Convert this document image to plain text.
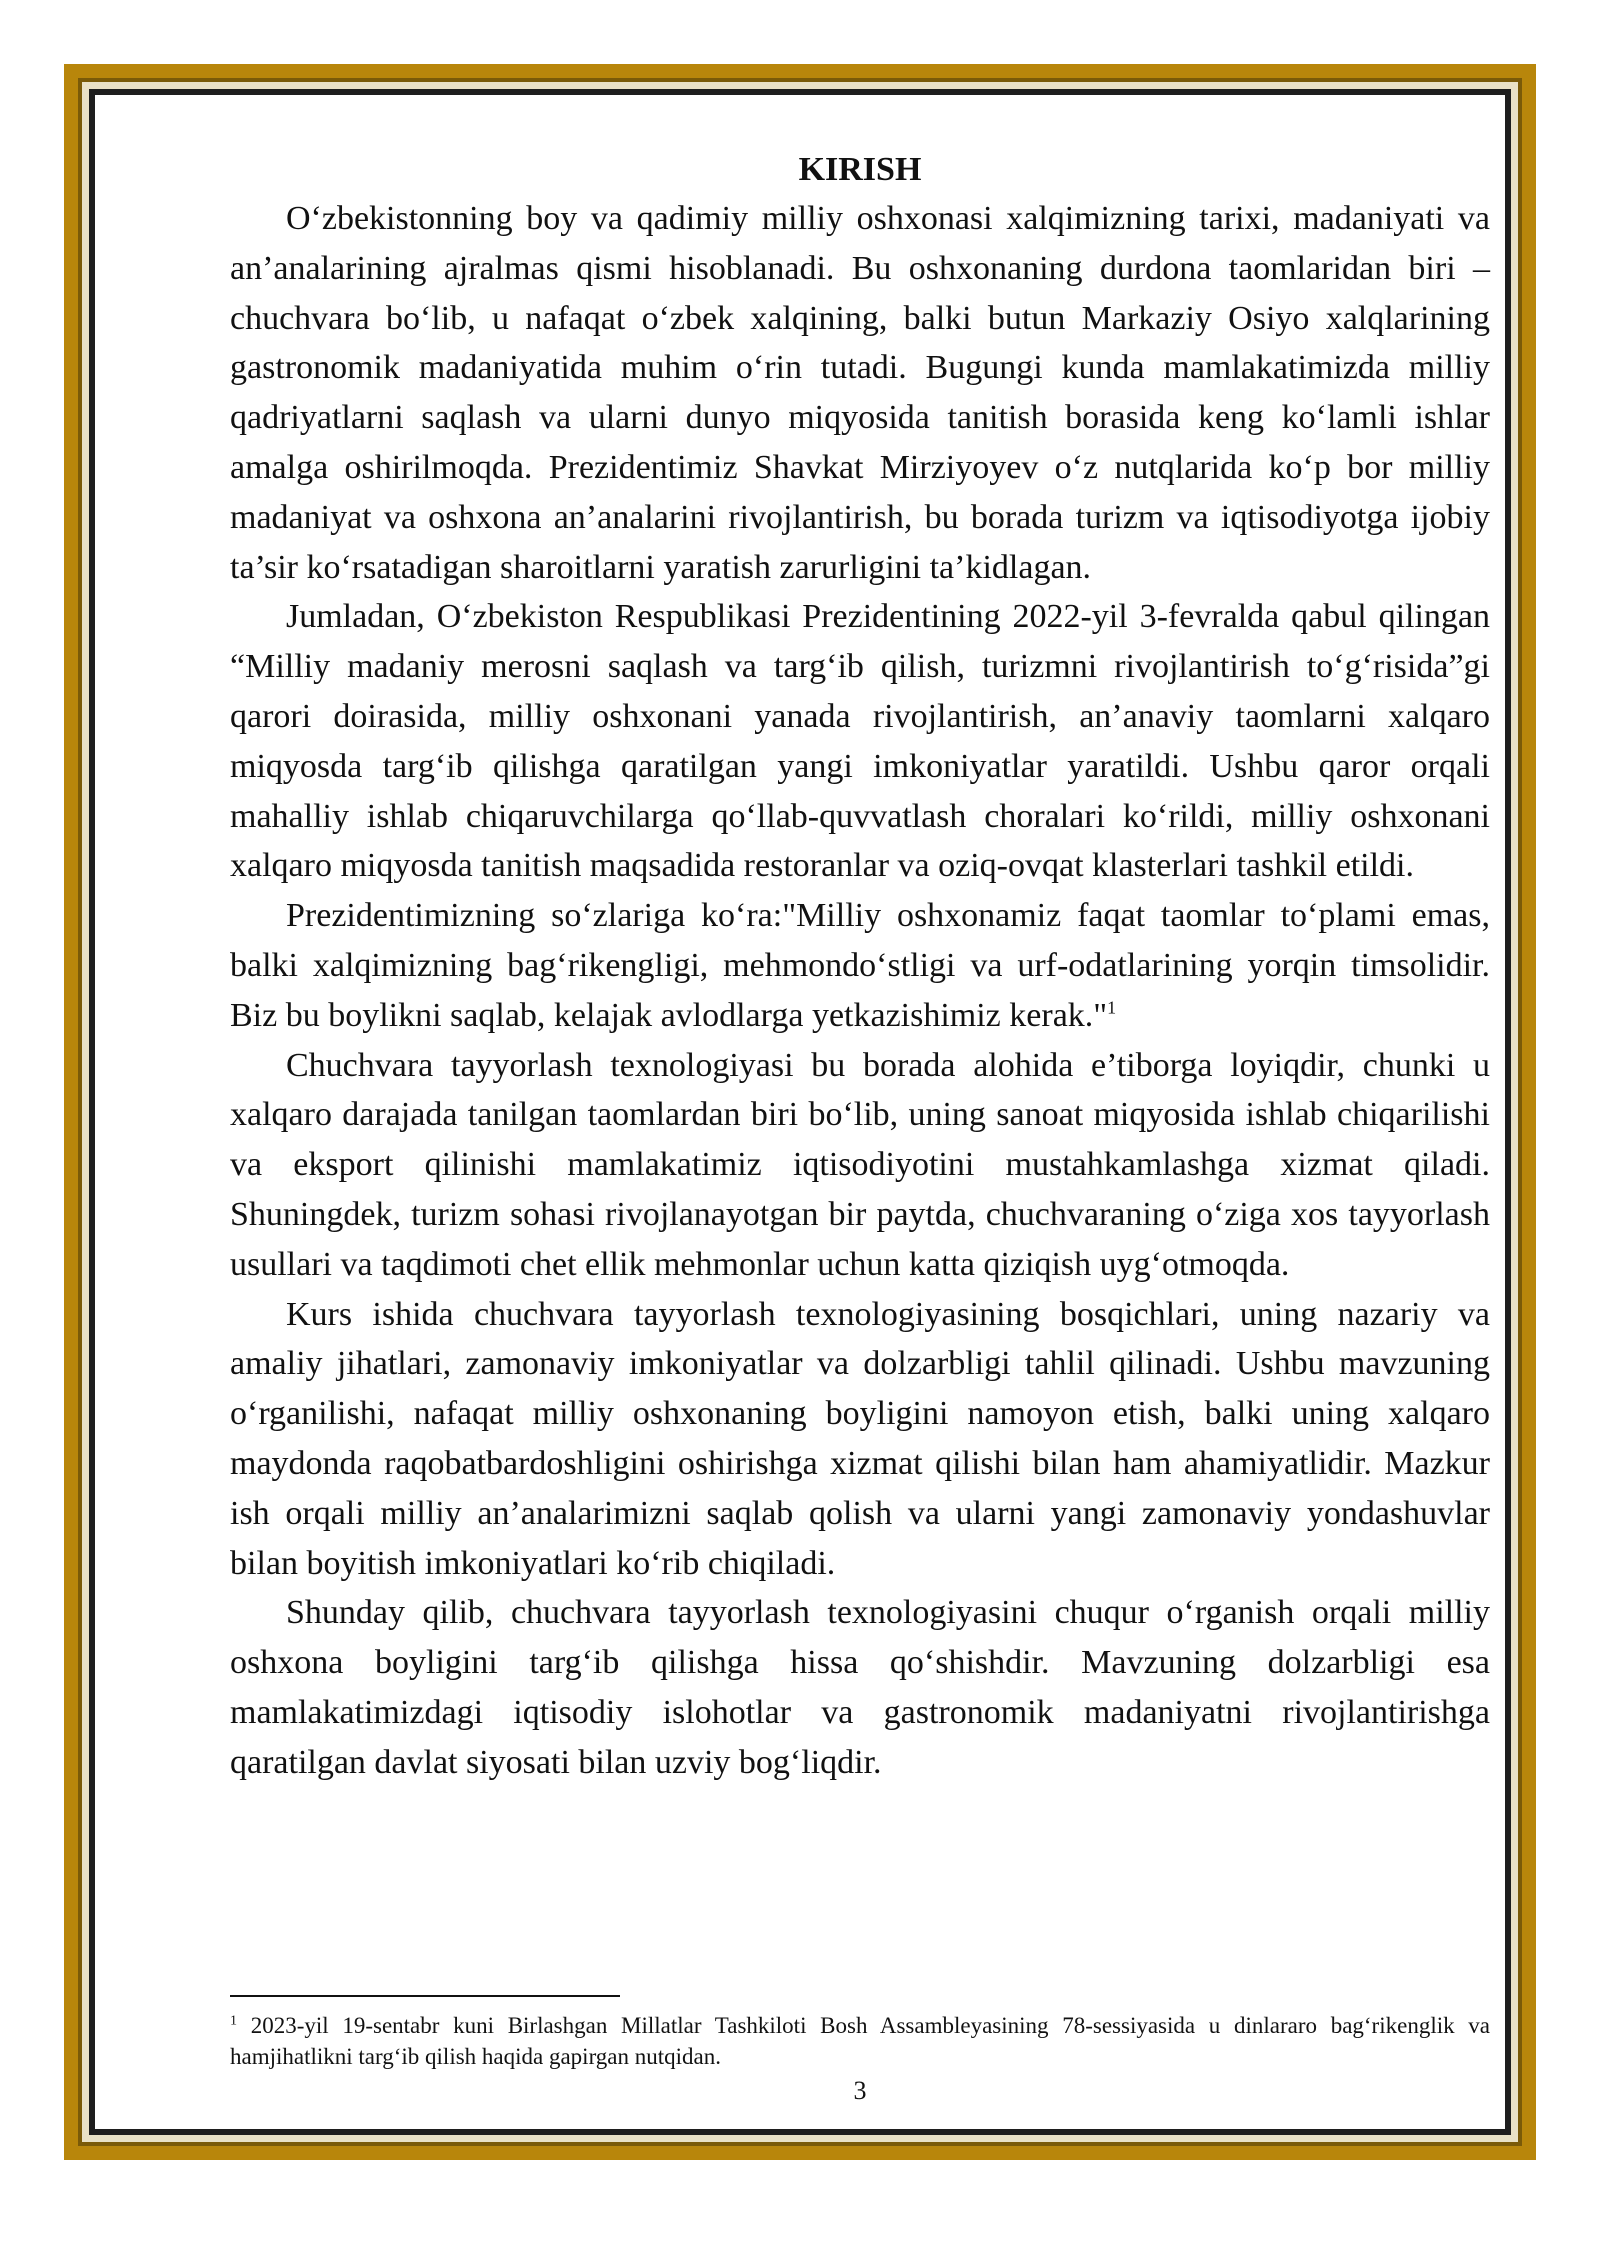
KIRISH

O‘zbekistonning boy va qadimiy milliy oshxonasi xalqimizning tarixi, madaniyati va an’analarining ajralmas qismi hisoblanadi. Bu oshxonaning durdona taomlaridan biri – chuchvara bo‘lib, u nafaqat o‘zbek xalqining, balki butun Markaziy Osiyo xalqlarining gastronomik madaniyatida muhim o‘rin tutadi. Bugungi kunda mamlakatimizda milliy qadriyatlarni saqlash va ularni dunyo miqyosida tanitish borasida keng ko‘lamli ishlar amalga oshirilmoqda. Prezidentimiz Shavkat Mirziyoyev o‘z nutqlarida ko‘p bor milliy madaniyat va oshxona an’analarini rivojlantirish, bu borada turizm va iqtisodiyotga ijobiy ta’sir ko‘rsatadigan sharoitlarni yaratish zarurligini ta’kidlagan.

Jumladan, O‘zbekiston Respublikasi Prezidentining 2022-yil 3-fevralda qabul qilingan “Milliy madaniy merosni saqlash va targ‘ib qilish, turizmni rivojlantirish to‘g‘risida”gi qarori doirasida, milliy oshxonani yanada rivojlantirish, an’anaviy taomlarni xalqaro miqyosda targ‘ib qilishga qaratilgan yangi imkoniyatlar yaratildi. Ushbu qaror orqali mahalliy ishlab chiqaruvchilarga qo‘llab-quvvatlash choralari ko‘rildi, milliy oshxonani xalqaro miqyosda tanitish maqsadida restoranlar va oziq-ovqat klasterlari tashkil etildi.

Prezidentimizning so‘zlariga ko‘ra:"Milliy oshxonamiz faqat taomlar to‘plami emas, balki xalqimizning bag‘rikengligi, mehmondo‘stligi va urf-odatlarining yorqin timsolidir. Biz bu boylikni saqlab, kelajak avlodlarga yetkazishimiz kerak."$^1$

Chuchvara tayyorlash texnologiyasi bu borada alohida e’tiborga loyiqdir, chunki u xalqaro darajada tanilgan taomlardan biri bo‘lib, uning sanoat miqyosida ishlab chiqarilishi va eksport qilinishi mamlakatimiz iqtisodiyotini mustahkamlashga xizmat qiladi. Shuningdek, turizm sohasi rivojlanayotgan bir paytda, chuchvaraning o‘ziga xos tayyorlash usullari va taqdimoti chet ellik mehmonlar uchun katta qiziqish uyg‘otmoqda.

Kurs ishida chuchvara tayyorlash texnologiyasining bosqichlari, uning nazariy va amaliy jihatlari, zamonaviy imkoniyatlar va dolzarbligi tahlil qilinadi. Ushbu mavzuning o‘rganilishi, nafaqat milliy oshxonaning boyligini namoyon etish, balki uning xalqaro maydonda raqobatbardoshligini oshirishga xizmat qilishi bilan ham ahamiyatlidir. Mazkur ish orqali milliy an’analarimizni saqlab qolish va ularni yangi zamonaviy yondashuvlar bilan boyitish imkoniyatlari ko‘rib chiqiladi.

Shunday qilib, chuchvara tayyorlash texnologiyasini chuqur o‘rganish orqali milliy oshxona boyligini targ‘ib qilishga hissa qo‘shishdir. Mavzuning dolzarbligi esa mamlakatimizdagi iqtisodiy islohotlar va gastronomik madaniyatni rivojlantirishga qaratilgan davlat siyosati bilan uzviy bog‘liqdir.

$^1$ 2023-yil 19-sentabr kuni Birlashgan Millatlar Tashkiloti Bosh Assambleyasining 78-sessiyasida u dinlararo bag‘rikenglik va hamjihatlikni targ‘ib qilish haqida gapirgan nutqidan.

3
